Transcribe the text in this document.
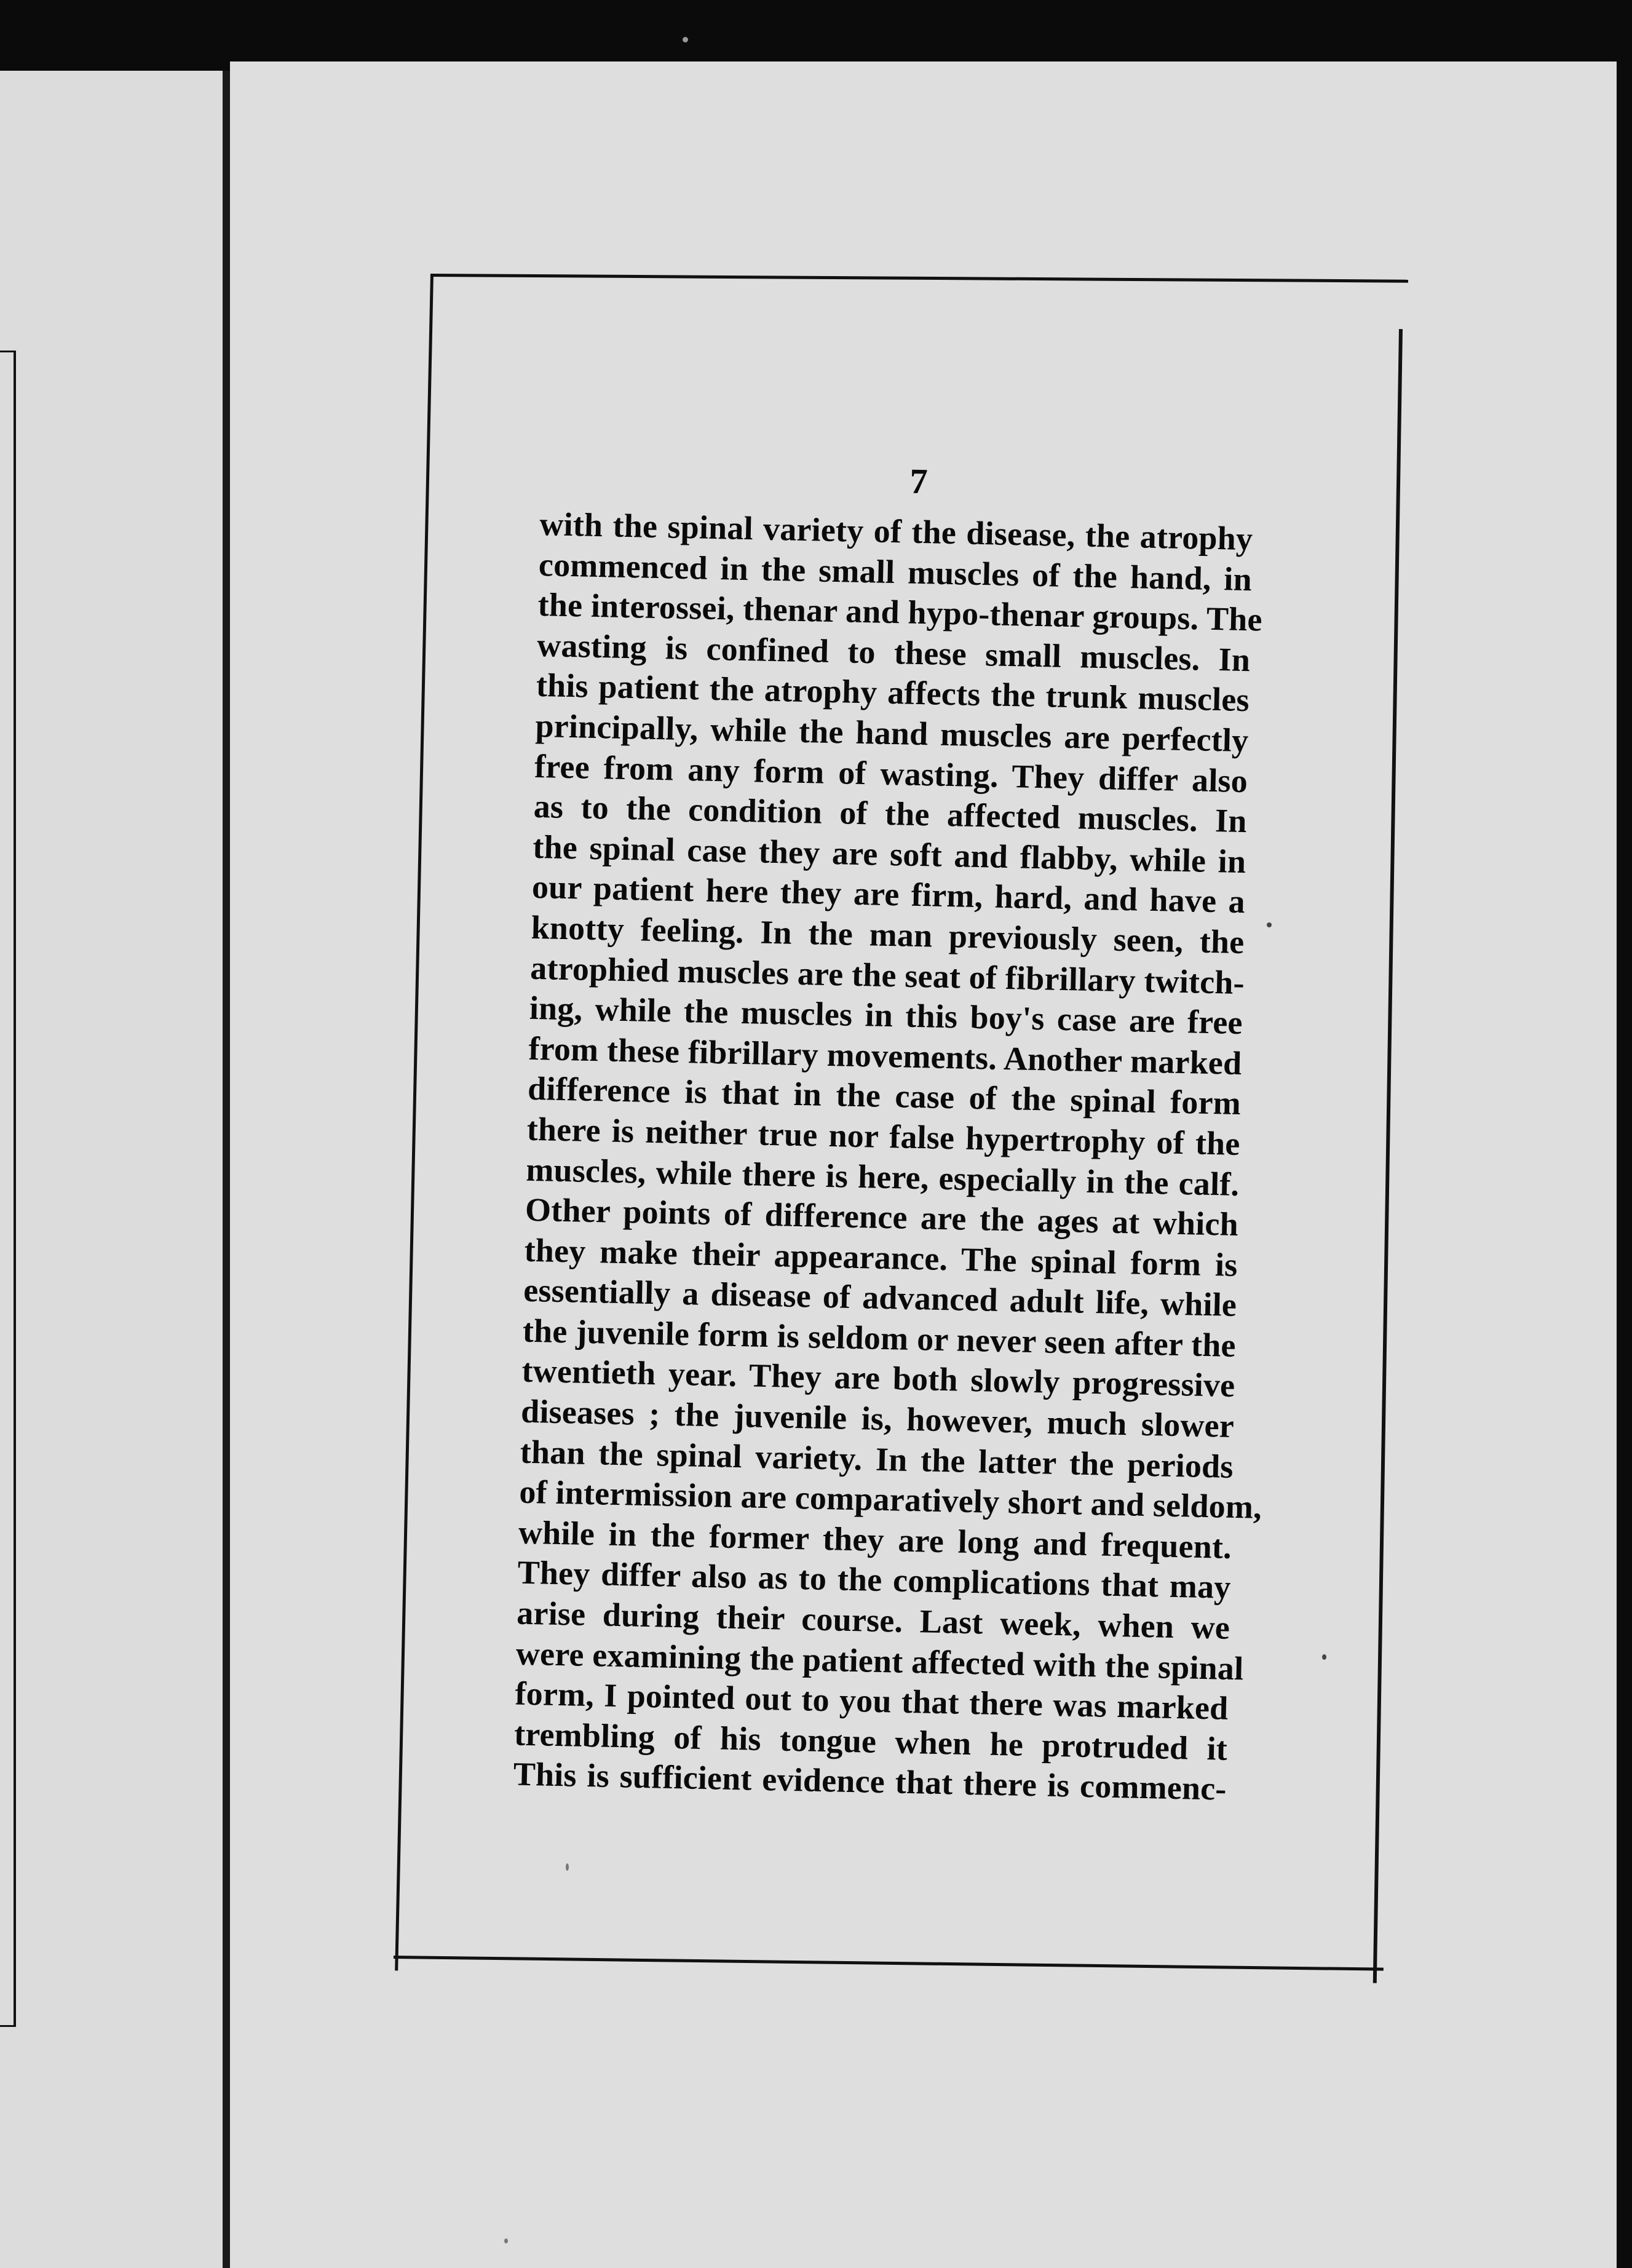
7
with the spinal variety of the disease, the atrophy
commenced in the small muscles of the hand, in
the interossei, thenar and hypo-thenar groups. The
wasting is confined to these small muscles. In
this patient the atrophy affects the trunk muscles
principally, while the hand muscles are perfectly
free from any form of wasting. They differ also
as to the condition of the affected muscles. In
the spinal case they are soft and flabby, while in
our patient here they are firm, hard, and have a
knotty feeling. In the man previously seen, the
atrophied muscles are the seat of fibrillary twitch-
ing, while the muscles in this boy's case are free
from these fibrillary movements. Another marked
difference is that in the case of the spinal form
there is neither true nor false hypertrophy of the
muscles, while there is here, especially in the calf.
Other points of difference are the ages at which
they make their appearance. The spinal form is
essentially a disease of advanced adult life, while
the juvenile form is seldom or never seen after the
twentieth year. They are both slowly progressive
diseases ; the juvenile is, however, much slower
than the spinal variety. In the latter the periods
of intermission are comparatively short and seldom,
while in the former they are long and frequent.
They differ also as to the complications that may
arise during their course. Last week, when we
were examining the patient affected with the spinal
form, I pointed out to you that there was marked
trembling of his tongue when he protruded it
This is sufficient evidence that there is commenc-
